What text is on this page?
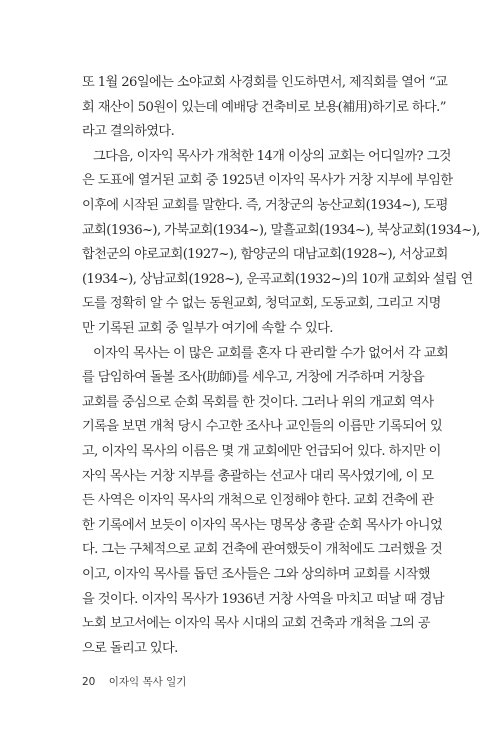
또 1월 26일에는 소야교회 사경회를 인도하면서, 제직회를 열어 “교
회 재산이 50원이 있는데 예배당 건축비로 보용(補用)하기로 하다.”
라고 결의하였다.
그다음, 이자익 목사가 개척한 14개 이상의 교회는 어디일까? 그것
은 도표에 열거된 교회 중 1925년 이자익 목사가 거창 지부에 부임한
이후에 시작된 교회를 말한다. 즉, 거창군의 농산교회(1934~), 도평
교회(1936~), 가북교회(1934~), 말흘교회(1934~), 북상교회(1934~),
합천군의 야로교회(1927~), 함양군의 대남교회(1928~), 서상교회
(1934~), 상남교회(1928~), 운곡교회(1932~)의 10개 교회와 설립 연
도를 정확히 알 수 없는 동원교회, 청덕교회, 도동교회, 그리고 지명
만 기록된 교회 중 일부가 여기에 속할 수 있다.
이자익 목사는 이 많은 교회를 혼자 다 관리할 수가 없어서 각 교회
를 담임하여 돌볼 조사(助師)를 세우고, 거창에 거주하며 거창읍
교회를 중심으로 순회 목회를 한 것이다. 그러나 위의 개교회 역사
기록을 보면 개척 당시 수고한 조사나 교인들의 이름만 기록되어 있
고, 이자익 목사의 이름은 몇 개 교회에만 언급되어 있다. 하지만 이
자익 목사는 거창 지부를 총괄하는 선교사 대리 목사였기에, 이 모
든 사역은 이자익 목사의 개척으로 인정해야 한다. 교회 건축에 관
한 기록에서 보듯이 이자익 목사는 명목상 총괄 순회 목사가 아니었
다. 그는 구체적으로 교회 건축에 관여했듯이 개척에도 그러했을 것
이고, 이자익 목사를 돕던 조사들은 그와 상의하며 교회를 시작했
을 것이다. 이자익 목사가 1936년 거창 사역을 마치고 떠날 때 경남
노회 보고서에는 이자익 목사 시대의 교회 건축과 개척을 그의 공
20 이자익 목사 일기
으로 돌리고 있다.
